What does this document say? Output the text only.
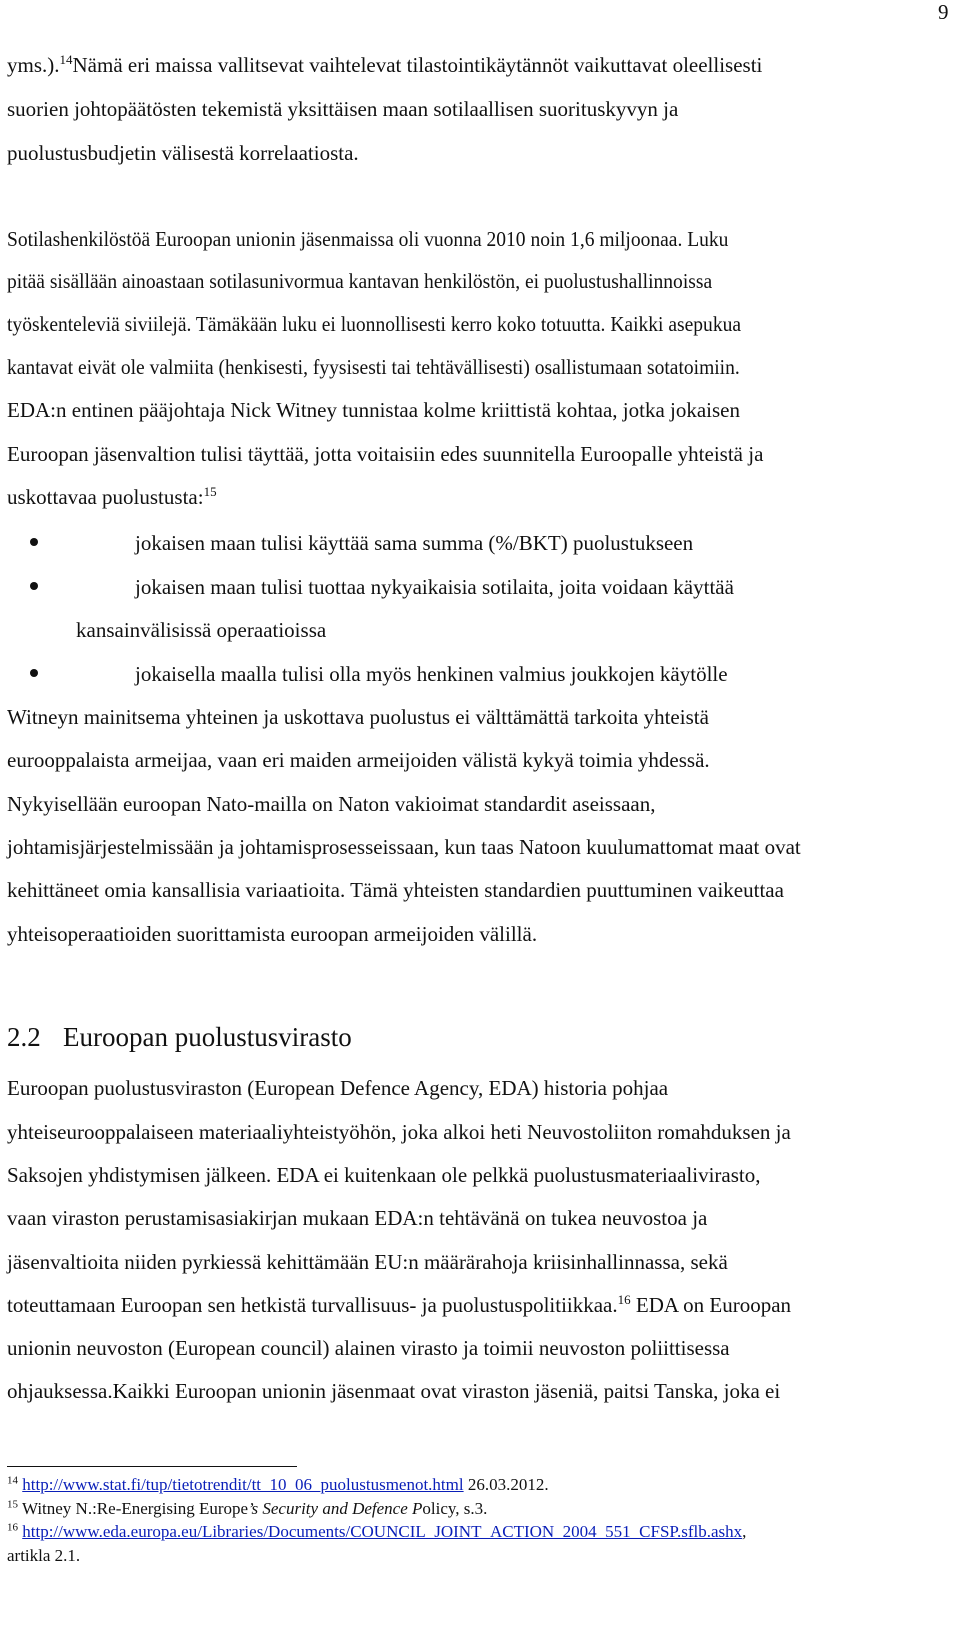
9
yms.).$^{14}$Nämä eri maissa vallitsevat vaihtelevat tilastointikäytännöt vaikuttavat oleellisesti
suorien johtopäätösten tekemistä yksittäisen maan sotilaallisen suorituskyvyn ja
puolustusbudjetin välisestä korrelaatiosta.
Sotilashenkilöstöä Euroopan unionin jäsenmaissa oli vuonna 2010 noin 1,6 miljoonaa. Luku
pitää sisällään ainoastaan sotilasunivormua kantavan henkilöstön, ei puolustushallinnoissa
työskenteleviä siviilejä. Tämäkään luku ei luonnollisesti kerro koko totuutta. Kaikki asepukua
kantavat eivät ole valmiita (henkisesti, fyysisesti tai tehtävällisesti) osallistumaan sotatoimiin.
EDA:n entinen pääjohtaja Nick Witney tunnistaa kolme kriittistä kohtaa, jotka jokaisen
Euroopan jäsenvaltion tulisi täyttää, jotta voitaisiin edes suunnitella Euroopalle yhteistä ja
uskottavaa puolustusta:$^{15}$
jokaisen maan tulisi käyttää sama summa (%/BKT) puolustukseen
jokaisen maan tulisi tuottaa nykyaikaisia sotilaita, joita voidaan käyttää
kansainvälisissä operaatioissa
jokaisella maalla tulisi olla myös henkinen valmius joukkojen käytölle
Witneyn mainitsema yhteinen ja uskottava puolustus ei välttämättä tarkoita yhteistä
eurooppalaista armeijaa, vaan eri maiden armeijoiden välistä kykyä toimia yhdessä.
Nykyisellään euroopan Nato-mailla on Naton vakioimat standardit aseissaan,
johtamisjärjestelmissään ja johtamisprosesseissaan, kun taas Natoon kuulumattomat maat ovat
kehittäneet omia kansallisia variaatioita. Tämä yhteisten standardien puuttuminen vaikeuttaa
yhteisoperaatioiden suorittamista euroopan armeijoiden välillä.
2.2 Euroopan puolustusvirasto
Euroopan puolustusviraston (European Defence Agency, EDA) historia pohjaa
yhteiseurooppalaiseen materiaaliyhteistyöhön, joka alkoi heti Neuvostoliiton romahduksen ja
Saksojen yhdistymisen jälkeen. EDA ei kuitenkaan ole pelkkä puolustusmateriaalivirasto,
vaan viraston perustamisasiakirjan mukaan EDA:n tehtävänä on tukea neuvostoa ja
jäsenvaltioita niiden pyrkiessä kehittämään EU:n määrärahoja kriisinhallinnassa, sekä
toteuttamaan Euroopan sen hetkistä turvallisuus- ja puolustuspolitiikkaa.$^{16}$ EDA on Euroopan
unionin neuvoston (European council) alainen virasto ja toimii neuvoston poliittisessa
ohjauksessa.Kaikki Euroopan unionin jäsenmaat ovat viraston jäseniä, paitsi Tanska, joka ei
$^{14}$ http://www.stat.fi/tup/tietotrendit/tt_10_06_puolustusmenot.html 26.03.2012.
$^{15}$ Witney N.:Re-Energising Europe’s Security and Defence Policy, s.3.
$^{16}$ http://www.eda.europa.eu/Libraries/Documents/COUNCIL_JOINT_ACTION_2004_551_CFSP.sflb.ashx,
artikla 2.1.
